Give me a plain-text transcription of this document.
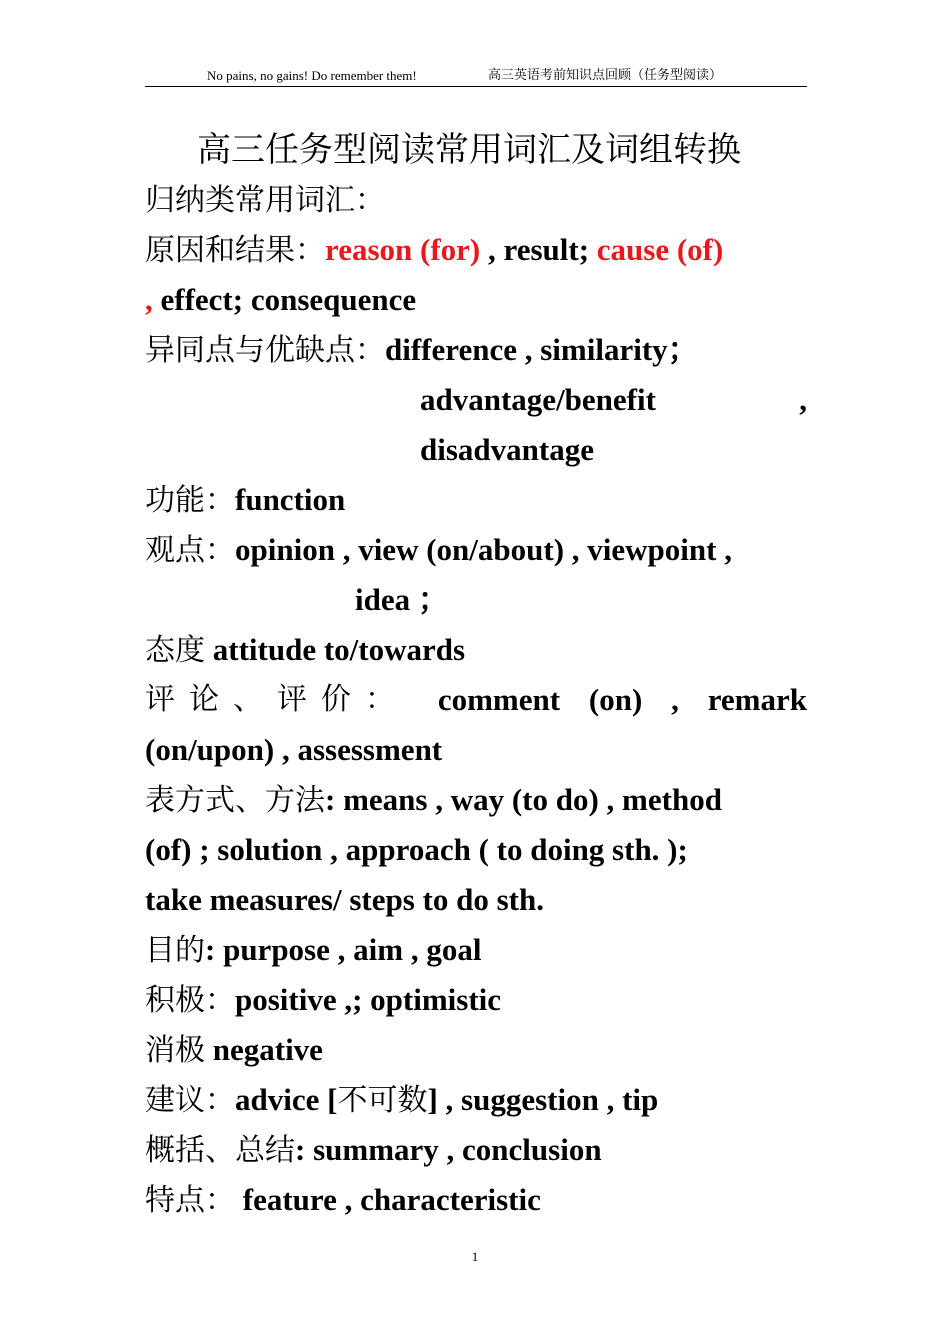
No pains, no gains! Do remember them!	高三英语考前知识点回顾（任务型阅读）
高三任务型阅读常用词汇及词组转换
归纳类常用词汇：
原因和结果：reason (for) , result; cause (of)
, effect; consequence
异同点与优缺点：difference , similarity；
advantage/benefit	,
disadvantage
功能：function
观点：opinion , view (on/about) , viewpoint ,
idea ；
态度 attitude to/towards
评论、评价： comment (on) , remark
(on/upon) , assessment
表方式、方法: means , way (to do) , method
(of) ; solution , approach ( to doing sth. );
take measures/ steps to do sth.
目的: purpose , aim , goal
积极：positive ,; optimistic
消极 negative
建议：advice [不可数] , suggestion , tip
概括、总结: summary , conclusion
特点： feature , characteristic
1
